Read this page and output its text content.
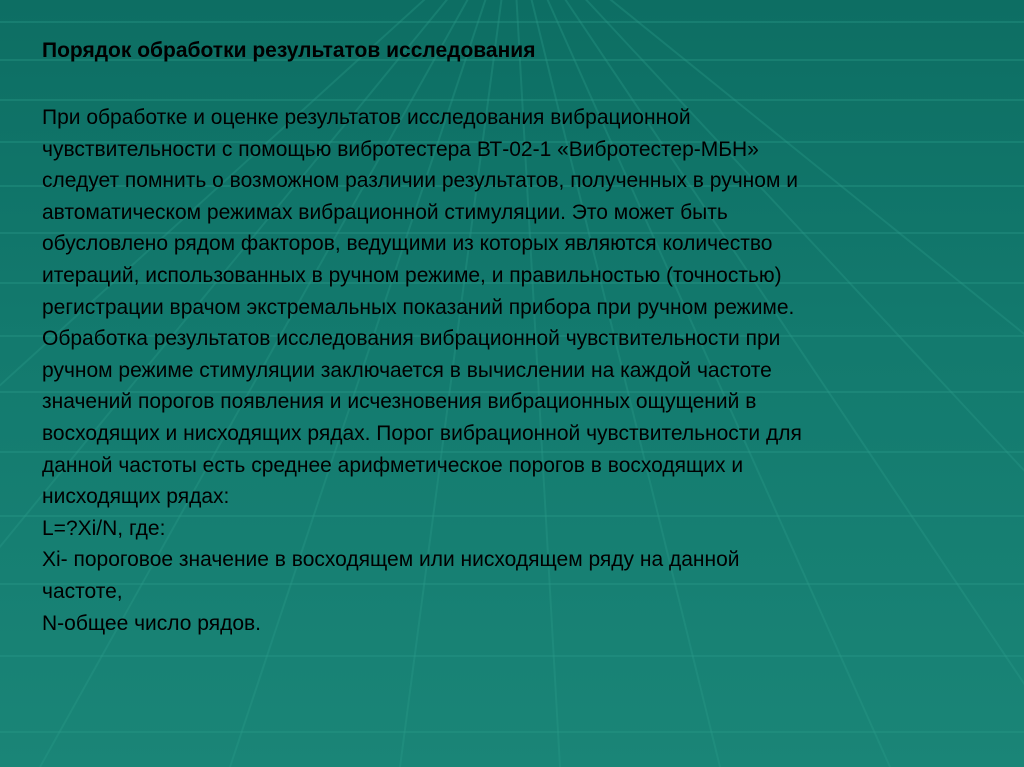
Порядок обработки результатов исследования

При обработке и оценке результатов исследования вибрационной
чувствительности с помощью вибротестера ВТ-02-1 «Вибротестер-МБН»
следует помнить о возможном различии результатов, полученных в ручном и
автоматическом режимах вибрационной стимуляции. Это может быть
обусловлено рядом факторов, ведущими из которых являются количество
итераций, использованных в ручном режиме, и правильностью (точностью)
регистрации врачом экстремальных показаний прибора при ручном режиме.
Обработка результатов исследования вибрационной чувствительности при
ручном режиме стимуляции заключается в вычислении на каждой частоте
значений порогов появления и исчезновения вибрационных ощущений в
восходящих и нисходящих рядах. Порог вибрационной чувствительности для
данной частоты есть среднее арифметическое порогов в восходящих и
нисходящих рядах:
L=?Xi/N, где:
Xi- пороговое значение в восходящем или нисходящем ряду на данной
частоте,
N-общее число рядов.
